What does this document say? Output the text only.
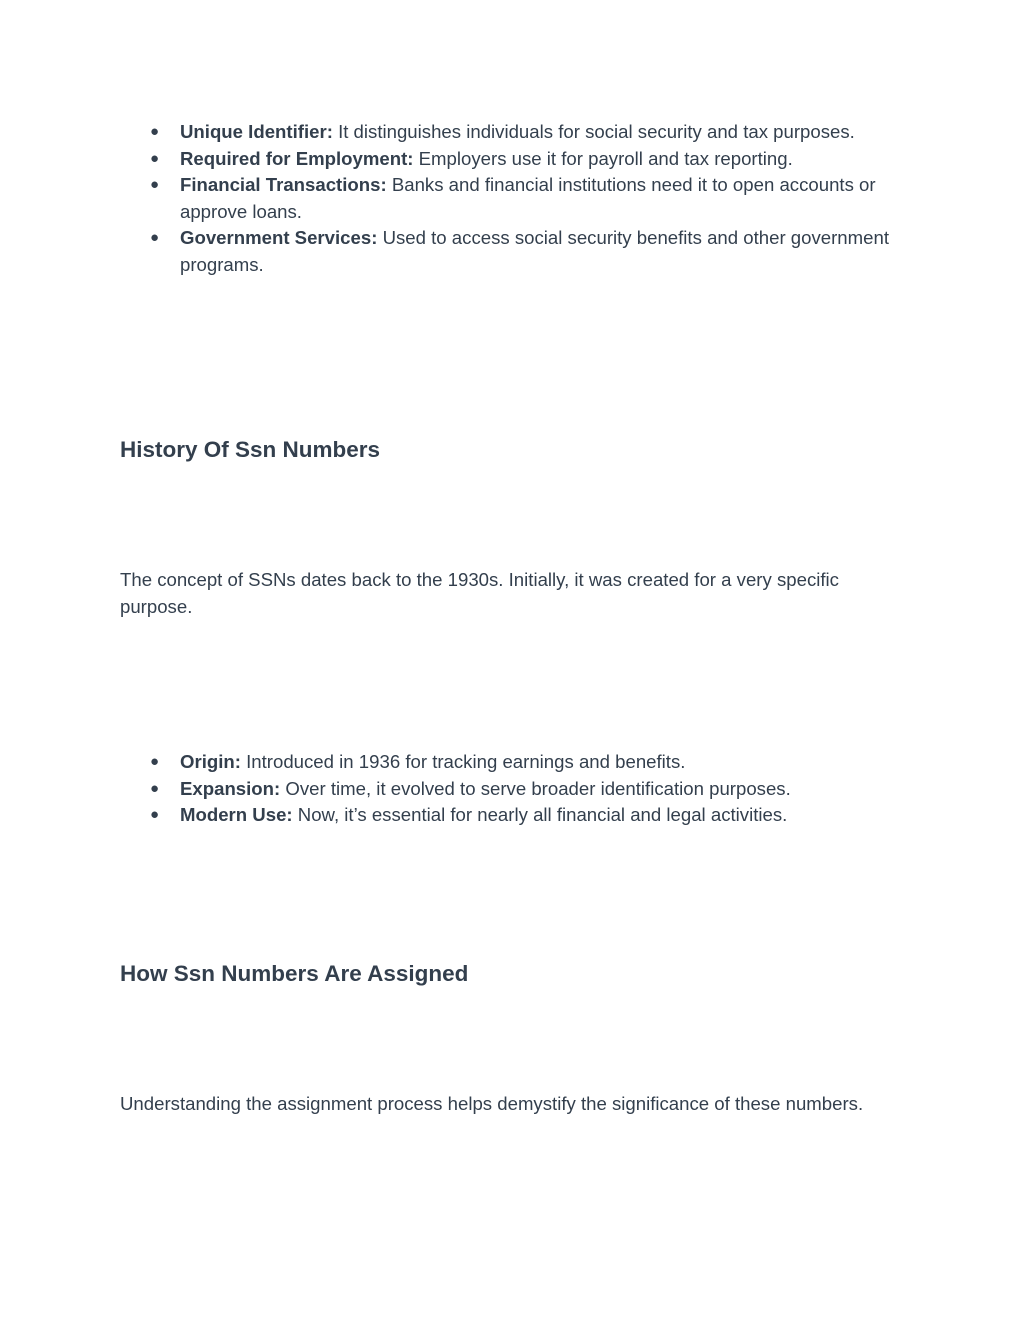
● Unique Identifier: It distinguishes individuals for social security and tax purposes.
● Required for Employment: Employers use it for payroll and tax reporting.
● Financial Transactions: Banks and financial institutions need it to open accounts or approve loans.
● Government Services: Used to access social security benefits and other government programs.
History Of Ssn Numbers

The concept of SSNs dates back to the 1930s. Initially, it was created for a very specific purpose.

● Origin: Introduced in 1936 for tracking earnings and benefits.
● Expansion: Over time, it evolved to serve broader identification purposes.
● Modern Use: Now, it’s essential for nearly all financial and legal activities.
How Ssn Numbers Are Assigned

Understanding the assignment process helps demystify the significance of these numbers.
